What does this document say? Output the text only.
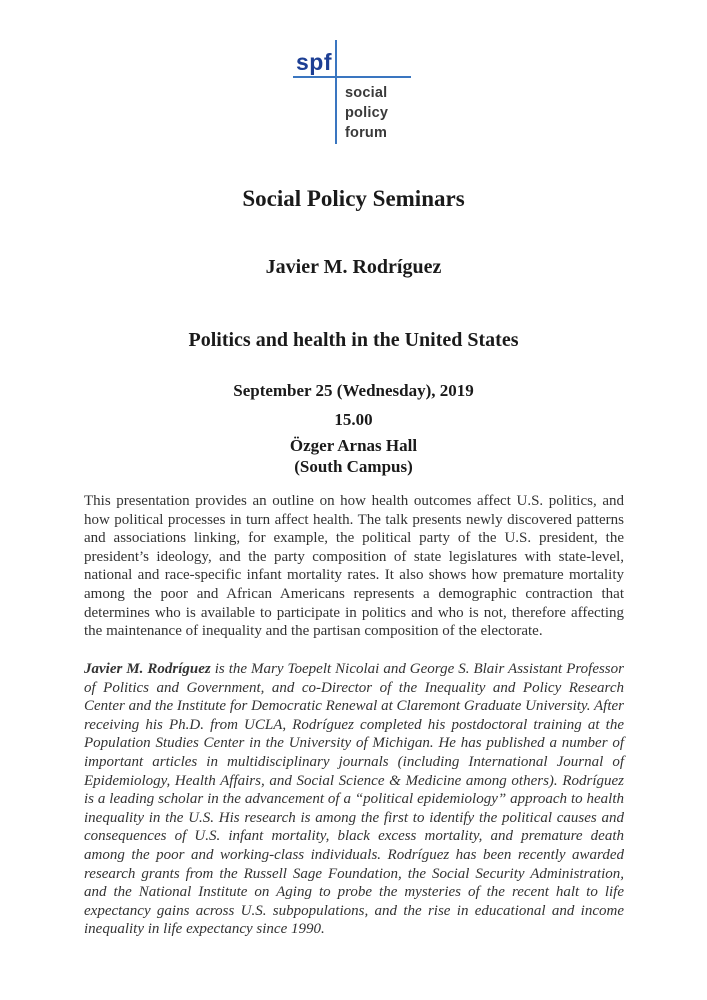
spf
social
policy
forum
Social Policy Seminars
Javier M. Rodríguez
Politics and health in the United States
September 25 (Wednesday), 2019
15.00
Özger Arnas Hall
(South Campus)
This presentation provides an outline on how health outcomes affect U.S. politics, and how political processes in turn affect health. The talk presents newly discovered patterns and associations linking, for example, the political party of the U.S. president, the president’s ideology, and the party composition of state legislatures with state-level, national and race-specific infant mortality rates. It also shows how premature mortality among the poor and African Americans represents a demographic contraction that determines who is available to participate in politics and who is not, therefore affecting the maintenance of inequality and the partisan composition of the electorate.
Javier M. Rodríguez is the Mary Toepelt Nicolai and George S. Blair Assistant Professor of Politics and Government, and co-Director of the Inequality and Policy Research Center and the Institute for Democratic Renewal at Claremont Graduate University. After receiving his Ph.D. from UCLA, Rodríguez completed his postdoctoral training at the Population Studies Center in the University of Michigan. He has published a number of important articles in multidisciplinary journals (including International Journal of Epidemiology, Health Affairs, and Social Science & Medicine among others). Rodríguez is a leading scholar in the advancement of a “political epidemiology” approach to health inequality in the U.S. His research is among the first to identify the political causes and consequences of U.S. infant mortality, black excess mortality, and premature death among the poor and working-class individuals. Rodríguez has been recently awarded research grants from the Russell Sage Foundation, the Social Security Administration, and the National Institute on Aging to probe the mysteries of the recent halt to life expectancy gains across U.S. subpopulations, and the rise in educational and income inequality in life expectancy since 1990.
